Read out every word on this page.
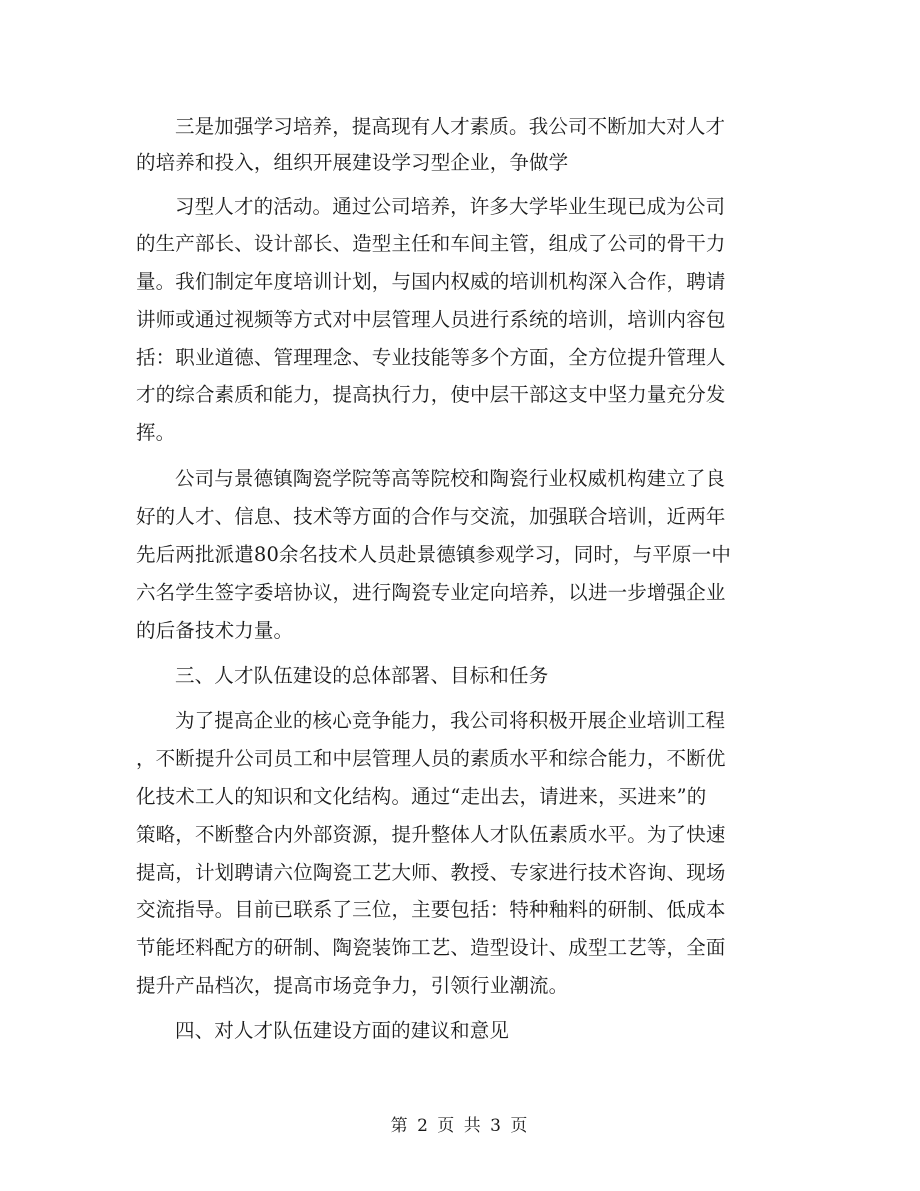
三是加强学习培养，提高现有人才素质。我公司不断加大对人才
的培养和投入，组织开展建设学习型企业，争做学
习型人才的活动。通过公司培养，许多大学毕业生现已成为公司
的生产部长、设计部长、造型主任和车间主管，组成了公司的骨干力
量。我们制定年度培训计划，与国内权威的培训机构深入合作，聘请
讲师或通过视频等方式对中层管理人员进行系统的培训，培训内容包
括：职业道德、管理理念、专业技能等多个方面，全方位提升管理人
才的综合素质和能力，提高执行力，使中层干部这支中坚力量充分发
挥。
公司与景德镇陶瓷学院等高等院校和陶瓷行业权威机构建立了良
好的人才、信息、技术等方面的合作与交流，加强联合培训，近两年
先后两批派遣80余名技术人员赴景德镇参观学习，同时，与平原一中
六名学生签字委培协议，进行陶瓷专业定向培养，以进一步增强企业
的后备技术力量。
三、人才队伍建设的总体部署、目标和任务
为了提高企业的核心竞争能力，我公司将积极开展企业培训工程
，不断提升公司员工和中层管理人员的素质水平和综合能力，不断优
化技术工人的知识和文化结构。通过“走出去，请进来，买进来”的
策略，不断整合内外部资源，提升整体人才队伍素质水平。为了快速
提高，计划聘请六位陶瓷工艺大师、教授、专家进行技术咨询、现场
交流指导。目前已联系了三位，主要包括：特种釉料的研制、低成本
节能坯料配方的研制、陶瓷装饰工艺、造型设计、成型工艺等，全面
提升产品档次，提高市场竞争力，引领行业潮流。
四、对人才队伍建设方面的建议和意见
第 2 页 共 3 页
